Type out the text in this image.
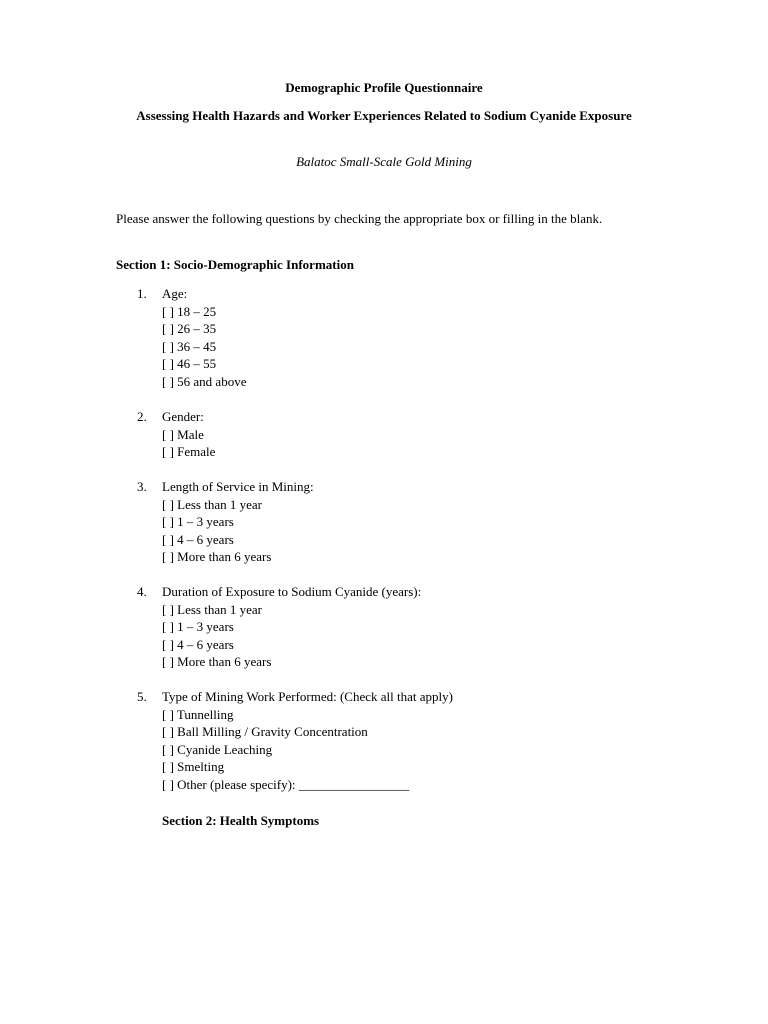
Demographic Profile Questionnaire

Assessing Health Hazards and Worker Experiences Related to Sodium Cyanide Exposure

Balatoc Small-Scale Gold Mining

Please answer the following questions by checking the appropriate box or filling in the blank.

Section 1: Socio-Demographic Information

1.	Age:
[ ] 18 – 25
[ ] 26 – 35
[ ] 36 – 45
[ ] 46 – 55
[ ] 56 and above
2.	Gender:
[ ] Male
[ ] Female
3.	Length of Service in Mining:
[ ] Less than 1 year
[ ] 1 – 3 years
[ ] 4 – 6 years
[ ] More than 6 years
4.	Duration of Exposure to Sodium Cyanide (years):
[ ] Less than 1 year
[ ] 1 – 3 years
[ ] 4 – 6 years
[ ] More than 6 years
5.	Type of Mining Work Performed: (Check all that apply)
[ ] Tunnelling
[ ] Ball Milling / Gravity Concentration
[ ] Cyanide Leaching
[ ] Smelting
[ ] Other (please specify): _________________

Section 2: Health Symptoms
